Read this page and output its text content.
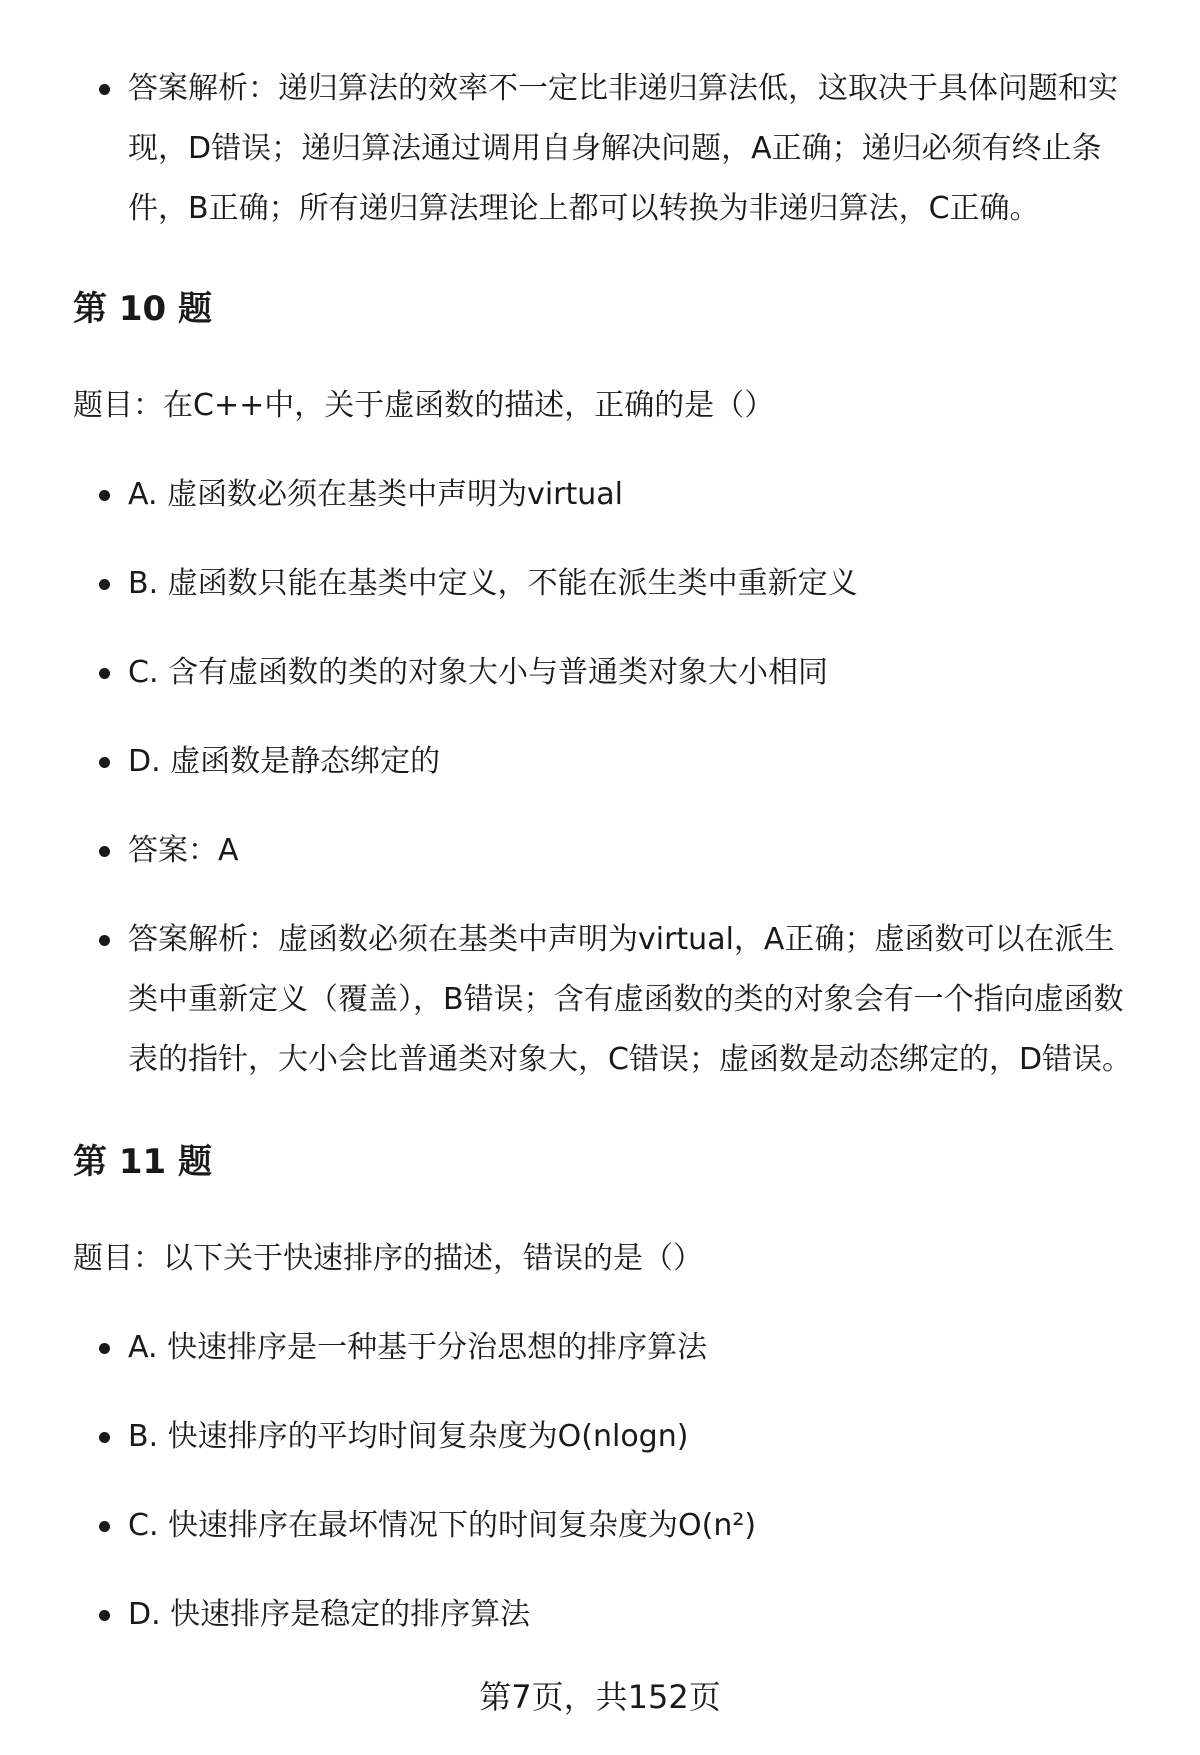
答案解析：递归算法的效率不一定比非递归算法低，这取决于具体问题和实现，D错误；递归算法通过调用自身解决问题，A正确；递归必须有终止条件，B正确；所有递归算法理论上都可以转换为非递归算法，C正确。
第 10 题
题目：在C++中，关于虚函数的描述，正确的是（）
A. 虚函数必须在基类中声明为virtual
B. 虚函数只能在基类中定义，不能在派生类中重新定义
C. 含有虚函数的类的对象大小与普通类对象大小相同
D. 虚函数是静态绑定的
答案：A
答案解析：虚函数必须在基类中声明为virtual，A正确；虚函数可以在派生类中重新定义（覆盖），B错误；含有虚函数的类的对象会有一个指向虚函数表的指针，大小会比普通类对象大，C错误；虚函数是动态绑定的，D错误。
第 11 题
题目：以下关于快速排序的描述，错误的是（）
A. 快速排序是一种基于分治思想的排序算法
B. 快速排序的平均时间复杂度为O(nlogn)
C. 快速排序在最坏情况下的时间复杂度为O(n²)
D. 快速排序是稳定的排序算法
第7页，共152页
